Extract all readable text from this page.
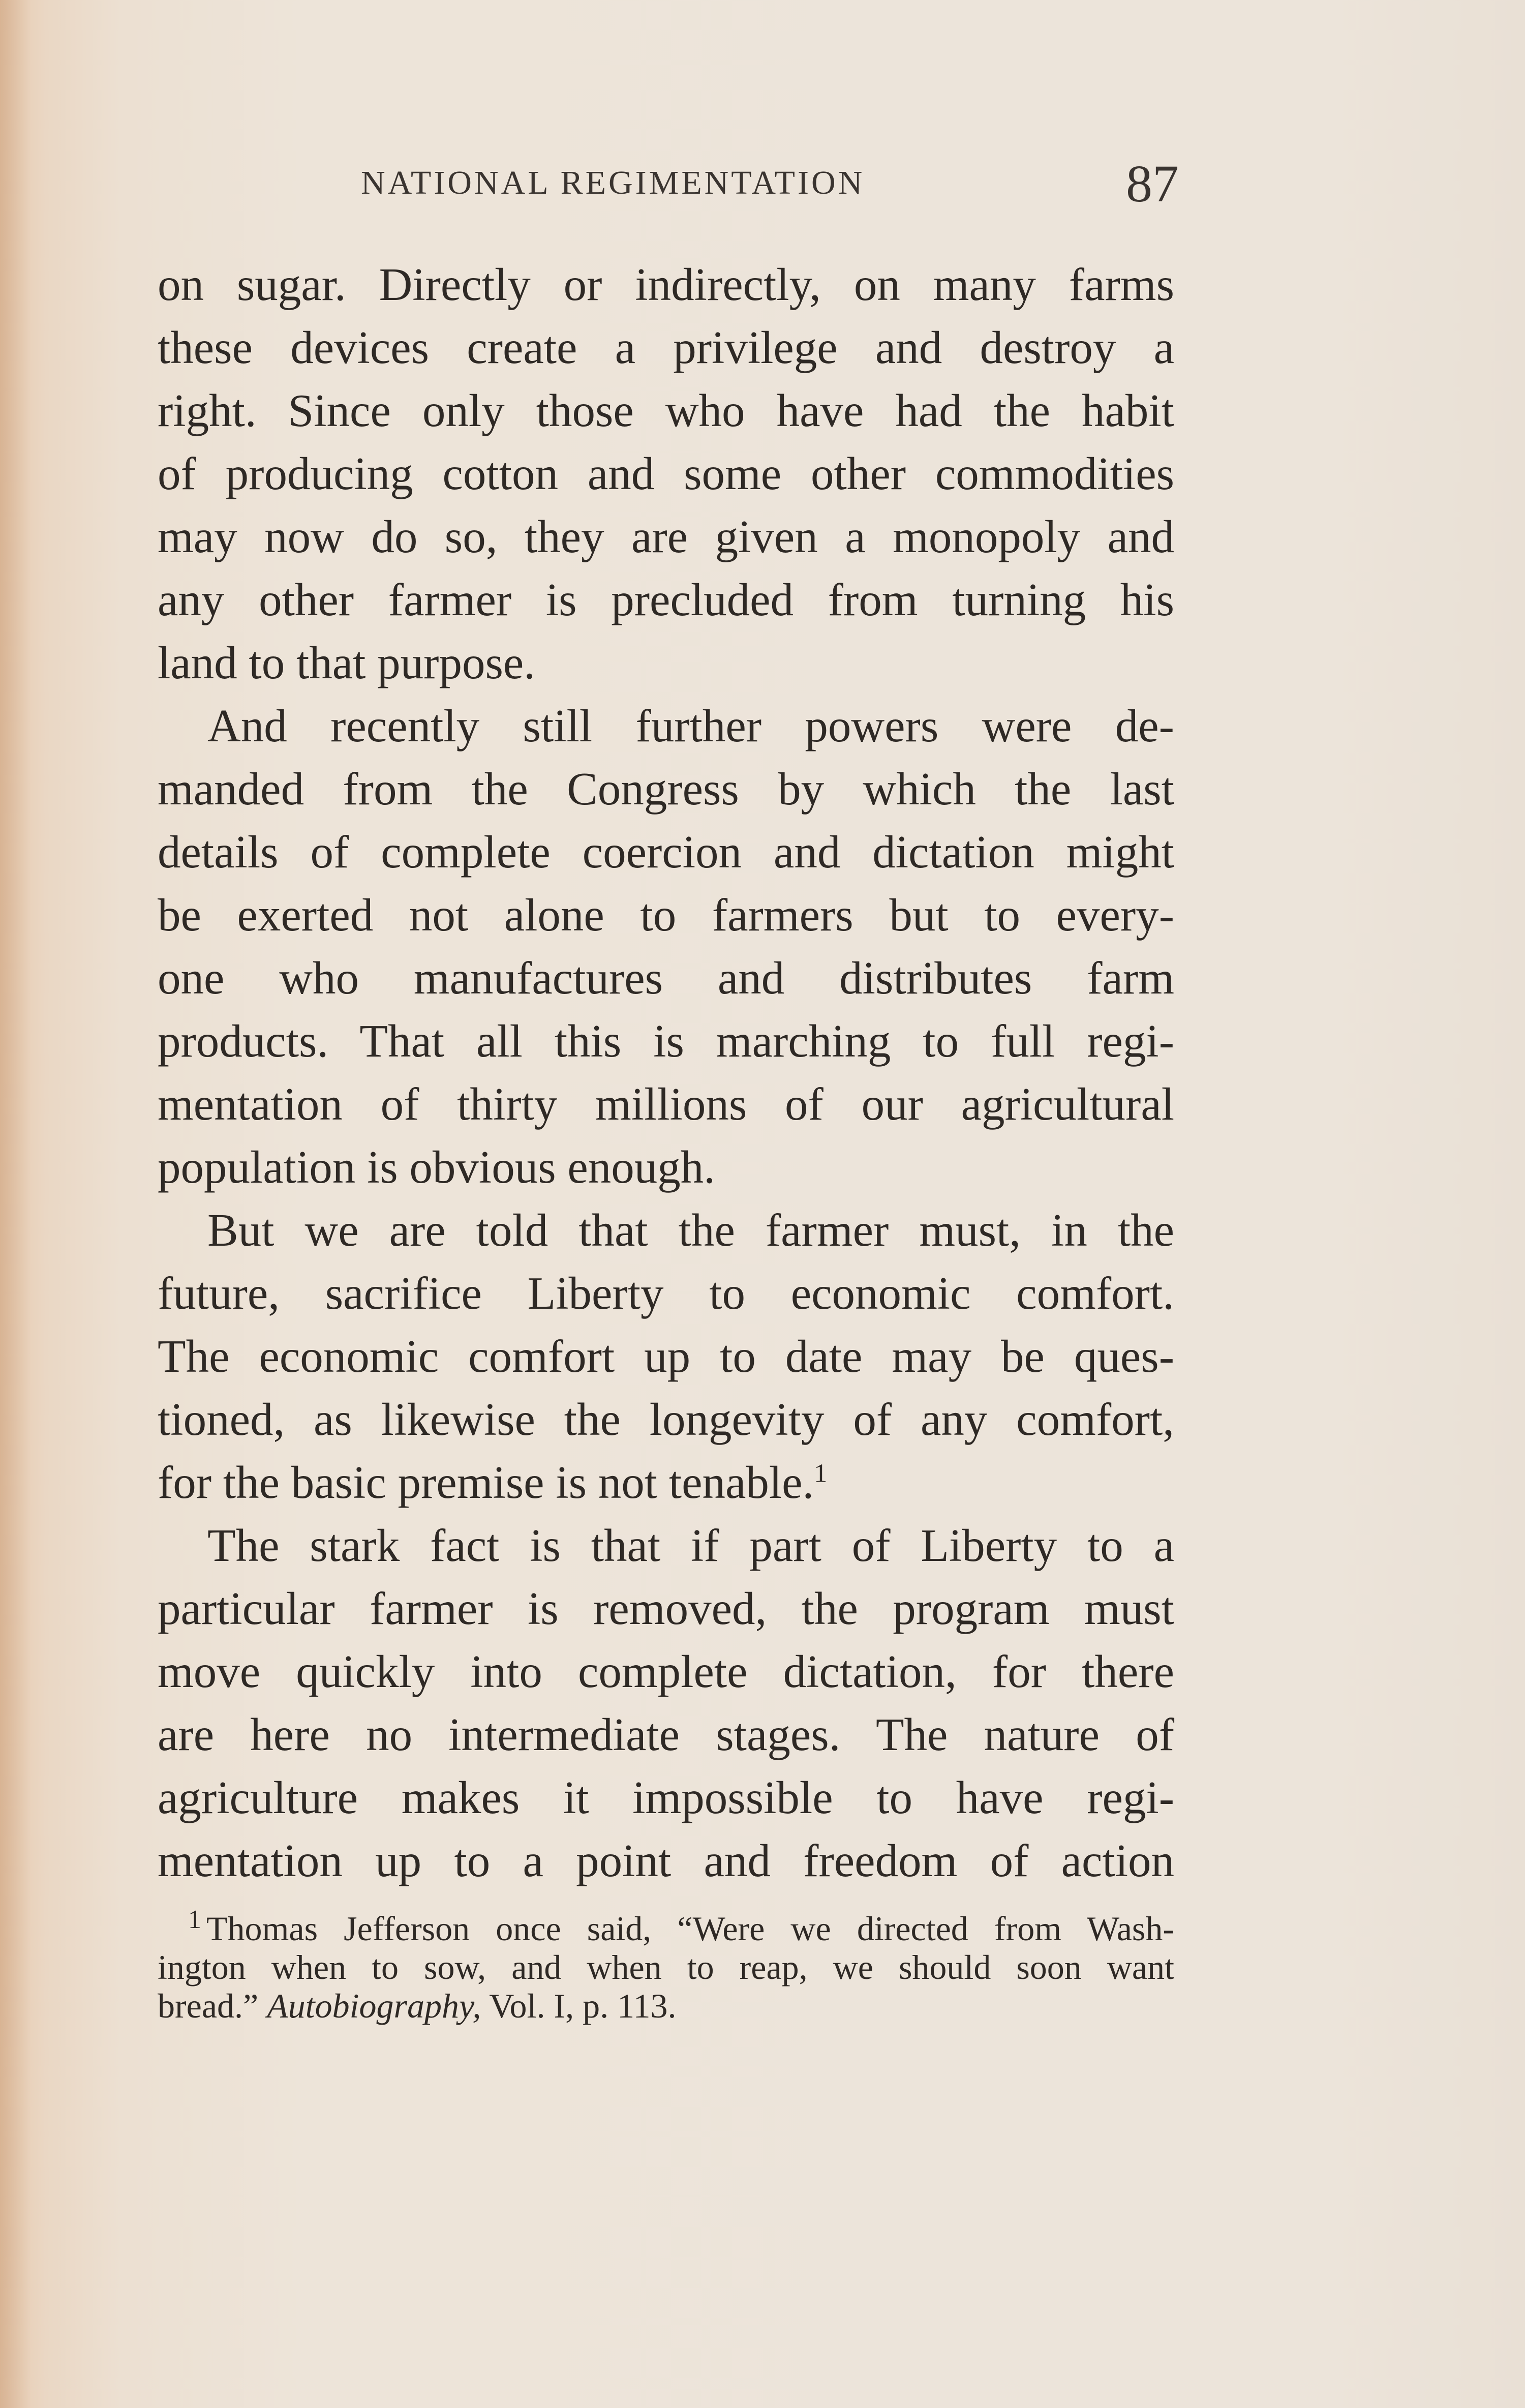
NATIONAL REGIMENTATION	87

on sugar. Directly or indirectly, on many farms
these devices create a privilege and destroy a
right. Since only those who have had the habit
of producing cotton and some other commodities
may now do so, they are given a monopoly and
any other farmer is precluded from turning his
land to that purpose.

And recently still further powers were de-
manded from the Congress by which the last
details of complete coercion and dictation might
be exerted not alone to farmers but to every-
one who manufactures and distributes farm
products. That all this is marching to full regi-
mentation of thirty millions of our agricultural
population is obvious enough.

But we are told that the farmer must, in the
future, sacrifice Liberty to economic comfort.
The economic comfort up to date may be ques-
tioned, as likewise the longevity of any comfort,
for the basic premise is not tenable.$^1$

The stark fact is that if part of Liberty to a
particular farmer is removed, the program must
move quickly into complete dictation, for there
are here no intermediate stages. The nature of
agriculture makes it impossible to have regi-
mentation up to a point and freedom of action

$^1$ Thomas Jefferson once said, “Were we directed from Wash-
ington when to sow, and when to reap, we should soon want
bread.” Autobiography, Vol. I, p. 113.
